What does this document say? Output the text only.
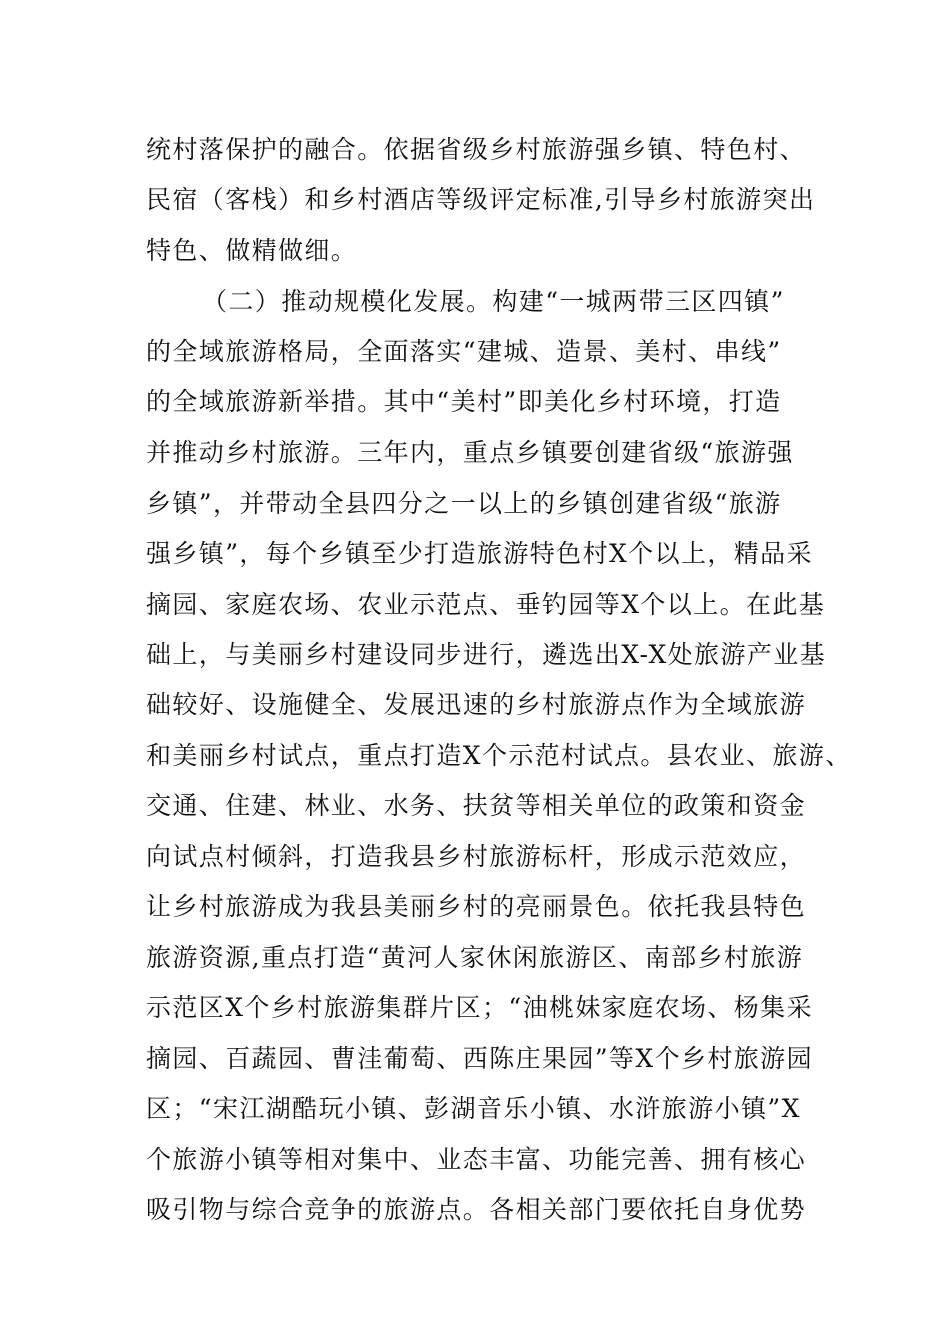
统村落保护的融合。依据省级乡村旅游强乡镇、特色村、

民宿（客栈）和乡村酒店等级评定标准,引导乡村旅游突出

特色、做精做细。

（二）推动规模化发展。构建“一城两带三区四镇”

的全域旅游格局，全面落实“建城、造景、美村、串线”

的全域旅游新举措。其中“美村”即美化乡村环境，打造

并推动乡村旅游。三年内，重点乡镇要创建省级“旅游强

乡镇”，并带动全县四分之一以上的乡镇创建省级“旅游

强乡镇”，每个乡镇至少打造旅游特色村X个以上，精品采

摘园、家庭农场、农业示范点、垂钓园等X个以上。在此基

础上，与美丽乡村建设同步进行，遴选出X-X处旅游产业基

础较好、设施健全、发展迅速的乡村旅游点作为全域旅游

和美丽乡村试点，重点打造X个示范村试点。县农业、旅游、

交通、住建、林业、水务、扶贫等相关单位的政策和资金

向试点村倾斜，打造我县乡村旅游标杆，形成示范效应，

让乡村旅游成为我县美丽乡村的亮丽景色。依托我县特色

旅游资源,重点打造“黄河人家休闲旅游区、南部乡村旅游

示范区X个乡村旅游集群片区；“油桃妹家庭农场、杨集采

摘园、百蔬园、曹洼葡萄、西陈庄果园”等X个乡村旅游园

区；“宋江湖酷玩小镇、彭湖音乐小镇、水浒旅游小镇”X

个旅游小镇等相对集中、业态丰富、功能完善、拥有核心

吸引物与综合竞争的旅游点。各相关部门要依托自身优势
